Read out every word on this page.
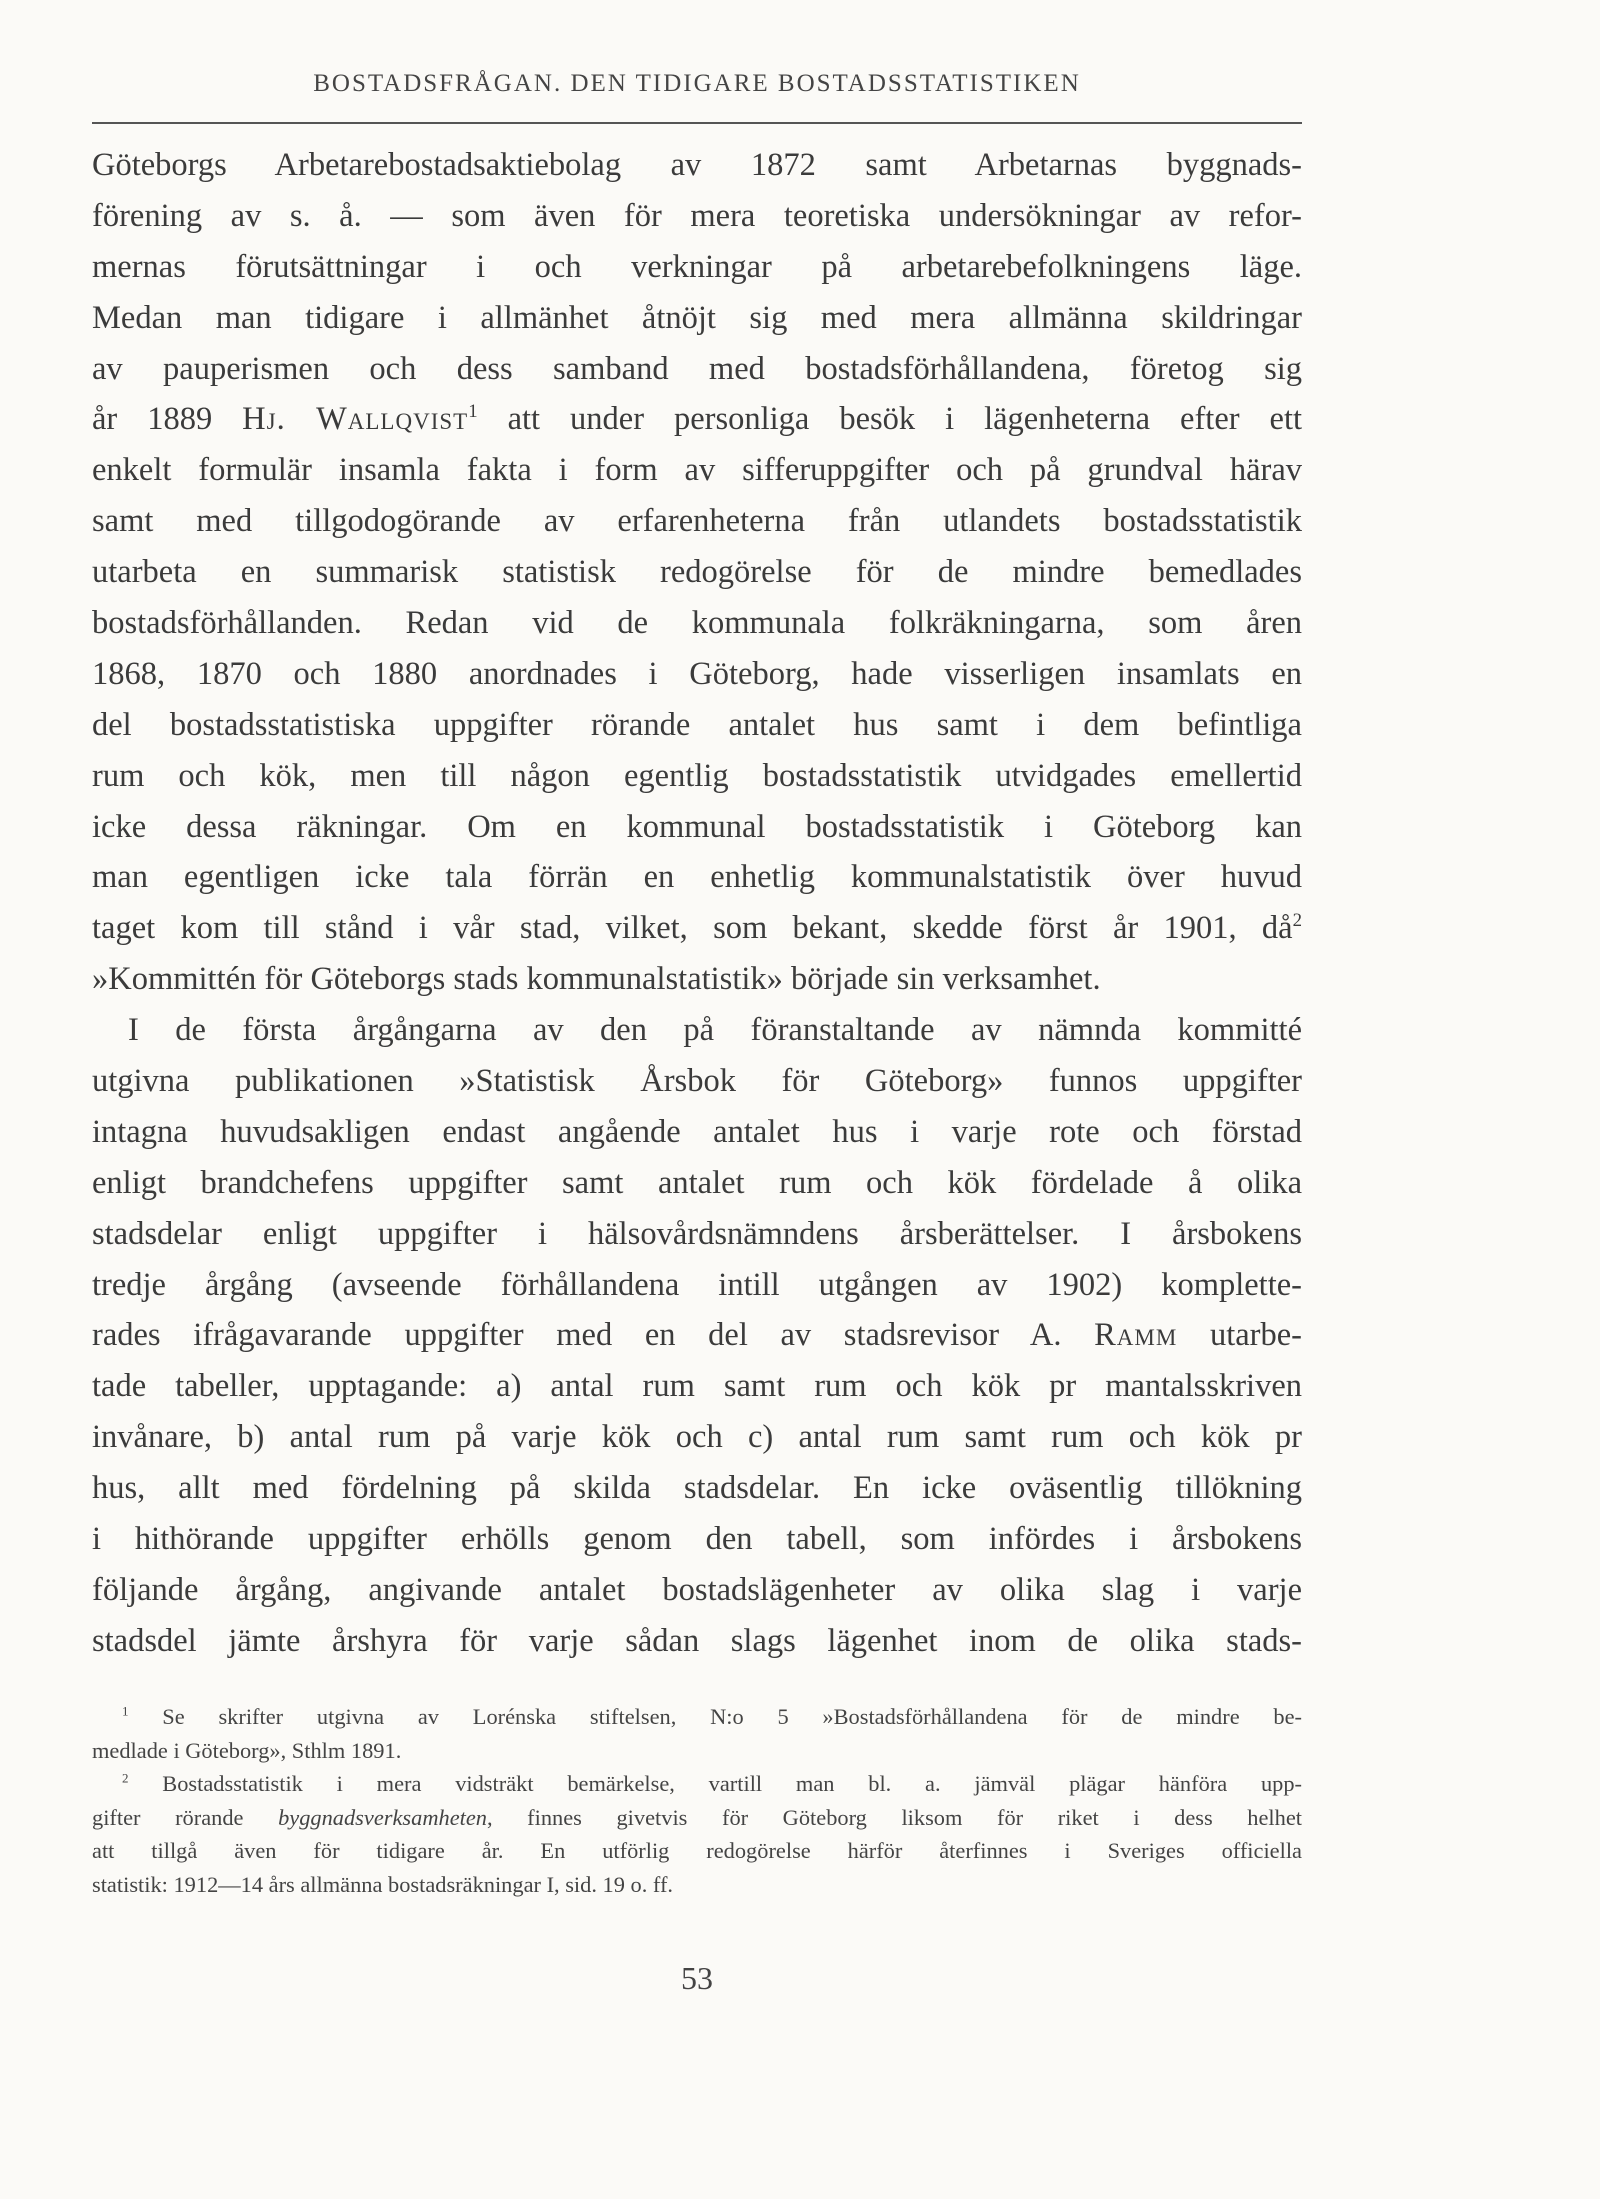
BOSTADSFRÅGAN. DEN TIDIGARE BOSTADSSTATISTIKEN
Göteborgs Arbetarebostadsaktiebolag av 1872 samt Arbetarnas byggnads-
förening av s. å. — som även för mera teoretiska undersökningar av refor-
mernas förutsättningar i och verkningar på arbetarebefolkningens läge.
Medan man tidigare i allmänhet åtnöjt sig med mera allmänna skildringar
av pauperismen och dess samband med bostadsförhållandena, företog sig
år 1889 Hj. Wallqvist$^1$ att under personliga besök i lägenheterna efter ett
enkelt formulär insamla fakta i form av sifferuppgifter och på grundval härav
samt med tillgodogörande av erfarenheterna från utlandets bostadsstatistik
utarbeta en summarisk statistisk redogörelse för de mindre bemedlades
bostadsförhållanden. Redan vid de kommunala folkräkningarna, som åren
1868, 1870 och 1880 anordnades i Göteborg, hade visserligen insamlats en
del bostadsstatistiska uppgifter rörande antalet hus samt i dem befintliga
rum och kök, men till någon egentlig bostadsstatistik utvidgades emellertid
icke dessa räkningar. Om en kommunal bostadsstatistik i Göteborg kan
man egentligen icke tala förrän en enhetlig kommunalstatistik över huvud
taget kom till stånd i vår stad, vilket, som bekant, skedde först år 1901, $då^2$
»Kommittén för Göteborgs stads kommunalstatistik» började sin verksamhet.
I de första årgångarna av den på föranstaltande av nämnda kommitté
utgivna publikationen »Statistisk Årsbok för Göteborg» funnos uppgifter
intagna huvudsakligen endast angående antalet hus i varje rote och förstad
enligt brandchefens uppgifter samt antalet rum och kök fördelade å olika
stadsdelar enligt uppgifter i hälsovårdsnämndens årsberättelser. I årsbokens
tredje årgång (avseende förhållandena intill utgången av 1902) komplette-
rades ifrågavarande uppgifter med en del av stadsrevisor A. Ramm utarbe-
tade tabeller, upptagande: a) antal rum samt rum och kök pr mantalsskriven
invånare, b) antal rum på varje kök och c) antal rum samt rum och kök pr
hus, allt med fördelning på skilda stadsdelar. En icke oväsentlig tillökning
i hithörande uppgifter erhölls genom den tabell, som infördes i årsbokens
följande årgång, angivande antalet bostadslägenheter av olika slag i varje
stadsdel jämte årshyra för varje sådan slags lägenhet inom de olika stads-
$^1$ Se skrifter utgivna av Lorénska stiftelsen, N:o 5 »Bostadsförhållandena för de mindre be-
medlade i Göteborg», Sthlm 1891.
$^2$ Bostadsstatistik i mera vidsträkt bemärkelse, vartill man bl. a. jämväl plägar hänföra upp-
gifter rörande byggnadsverksamheten, finnes givetvis för Göteborg liksom för riket i dess helhet
att tillgå även för tidigare år. En utförlig redogörelse härför återfinnes i Sveriges officiella
statistik: 1912—14 års allmänna bostadsräkningar I, sid. 19 o. ff.
53
